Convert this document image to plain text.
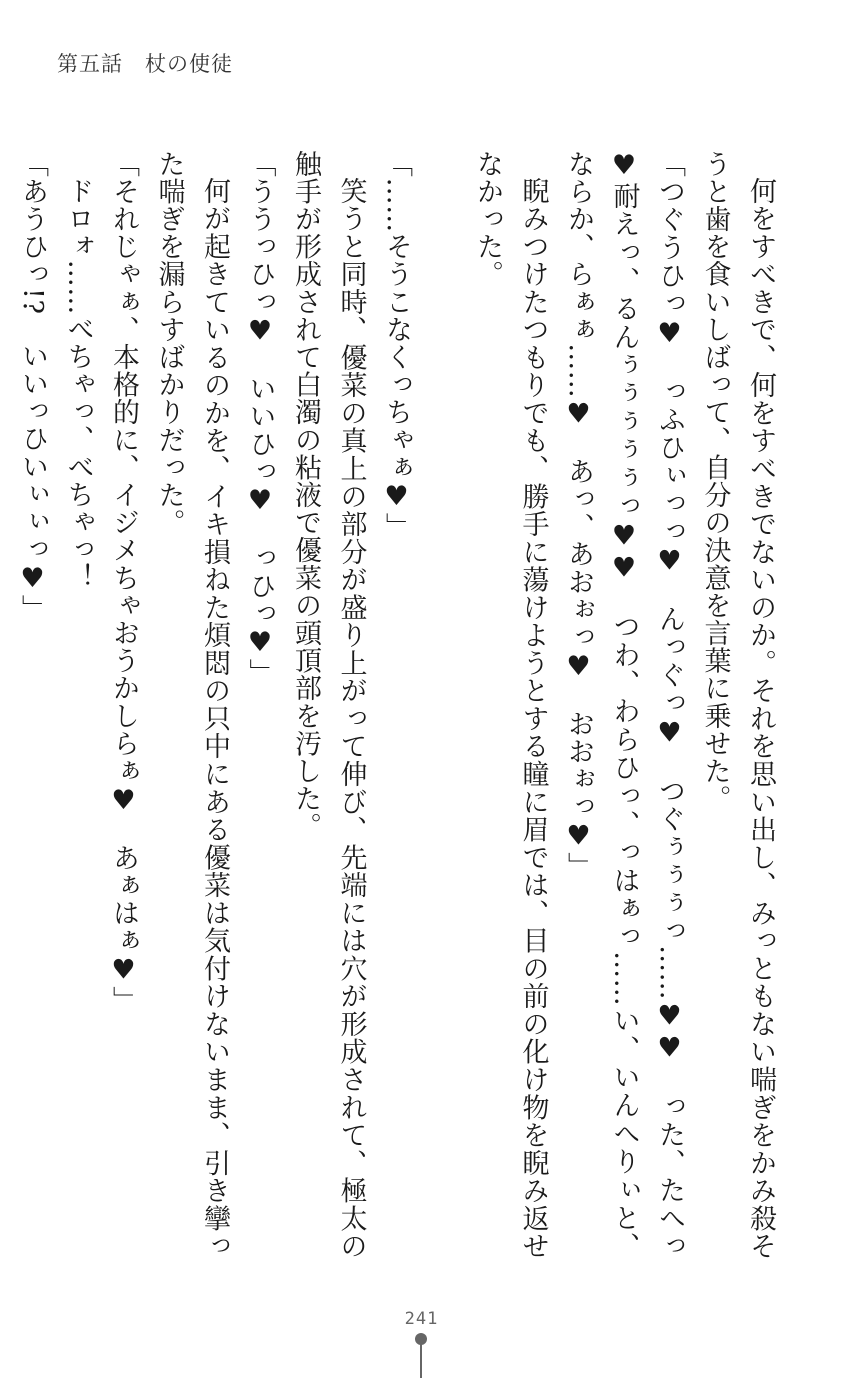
第五話　 杖の使徒

何をすべきで、何をすべきでないのか。それを思い出し、みっともない喘ぎをかみ殺そうと歯を食いしばって、自分の決意を言葉に乗せた。

「つぐうひっ♥　っふひぃっっ♥　んっぐっ♥　つぐぅぅぅっ……♥♥　った、たへっ♥耐えっ、るんぅぅぅぅぅっ♥♥　つわ、わらひっ、っはぁっ……い、いんへりぃと、ならか、らぁぁ……♥　あっ、あおぉっ♥　おおぉっ♥」

睨みつけたつもりでも、勝手に蕩けようとする瞳に眉では、目の前の化け物を睨み返せなかった。

「……そうこなくっちゃぁ♥」

笑うと同時、優菜の真上の部分が盛り上がって伸び、先端には穴が形成されて、極太の触手が形成されて白濁の粘液で優菜の頭頂部を汚した。

「ううっひっ♥　いいひっ♥　っひっ♥」

何が起きているのかを、イキ損ねた煩悶の只中にある優菜は気付けないまま、引き攣った喘ぎを漏らすばかりだった。

「それじゃぁ、本格的に、イジメちゃおうかしらぁ♥　あぁはぁ♥」

ドロォ……べちゃっ、べちゃっ！

「あうひっ!?　いいっひいぃぃっ♥」

241
